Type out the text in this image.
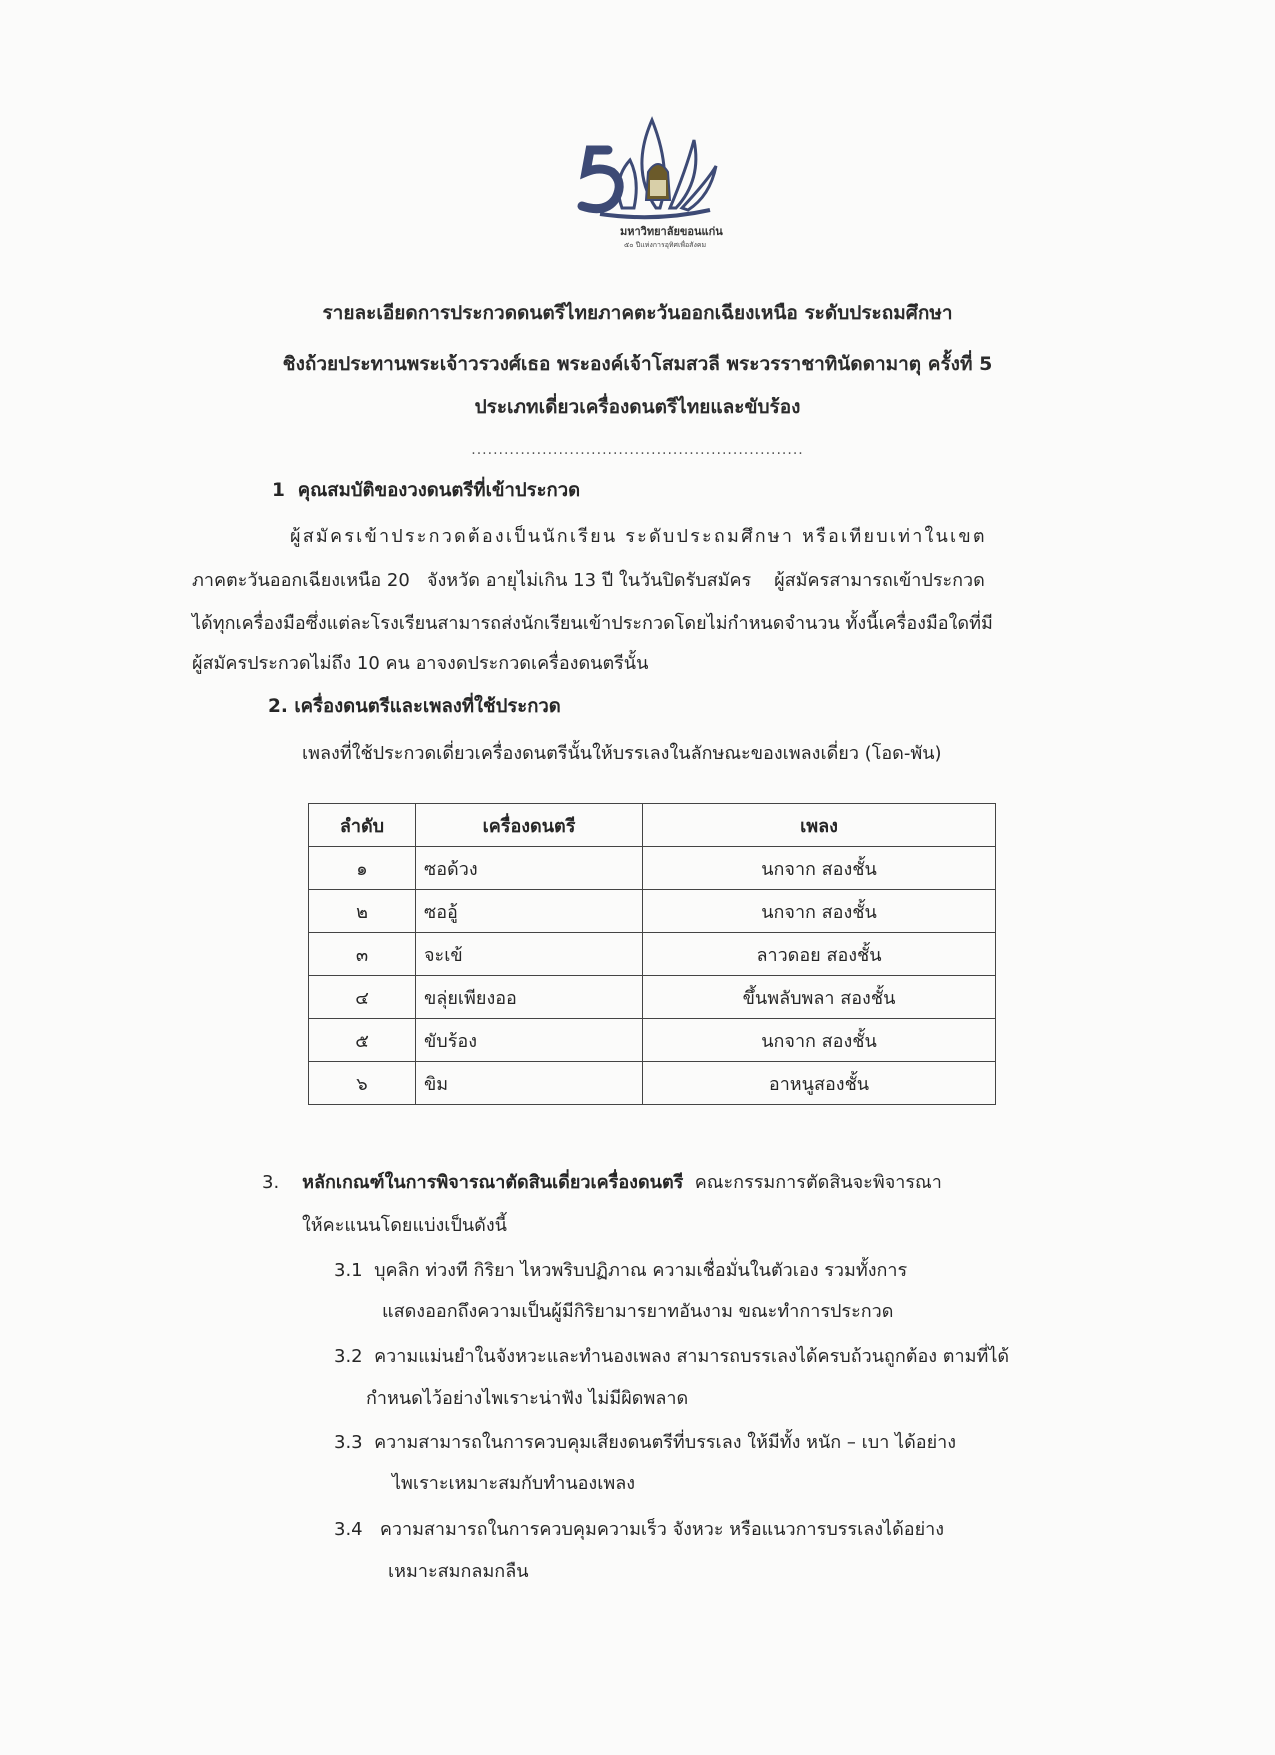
มหาวิทยาลัยขอนแก่น
๕๐ ปีแห่งการอุทิศเพื่อสังคม
รายละเอียดการประกวดดนตรีไทยภาคตะวันออกเฉียงเหนือ ระดับประถมศึกษา
ชิงถ้วยประทานพระเจ้าวรวงศ์เธอ พระองค์เจ้าโสมสวลี พระวรราชาทินัดดามาตุ ครั้งที่ 5
ประเภทเดี่ยวเครื่องดนตรีไทยและขับร้อง
.............................................................
1 คุณสมบัติของวงดนตรีที่เข้าประกวด
ผู้สมัครเข้าประกวดต้องเป็นนักเรียน ระดับประถมศึกษา หรือเทียบเท่าในเขต
ภาคตะวันออกเฉียงเหนือ 20   จังหวัด อายุไม่เกิน 13 ปี ในวันปิดรับสมัคร    ผู้สมัครสามารถเข้าประกวด
ได้ทุกเครื่องมือซึ่งแต่ละโรงเรียนสามารถส่งนักเรียนเข้าประกวดโดยไม่กำหนดจำนวน ทั้งนี้เครื่องมือใดที่มี
ผู้สมัครประกวดไม่ถึง 10 คน อาจงดประกวดเครื่องดนตรีนั้น
2. เครื่องดนตรีและเพลงที่ใช้ประกวด
เพลงที่ใช้ประกวดเดี่ยวเครื่องดนตรีนั้นให้บรรเลงในลักษณะของเพลงเดี่ยว (โอด-พัน)
ลำดับ	เครื่องดนตรี	เพลง
๑	ซอด้วง	นกจาก สองชั้น
๒	ซออู้	นกจาก สองชั้น
๓	จะเข้	ลาวดอย สองชั้น
๔	ขลุ่ยเพียงออ	ขึ้นพลับพลา สองชั้น
๕	ขับร้อง	นกจาก สองชั้น
๖	ขิม	อาหนูสองชั้น
3. หลักเกณฑ์ในการพิจารณาตัดสินเดี่ยวเครื่องดนตรี คณะกรรมการตัดสินจะพิจารณา
ให้คะแนนโดยแบ่งเป็นดังนี้
3.1 บุคลิก ท่วงที กิริยา ไหวพริบปฏิภาณ ความเชื่อมั่นในตัวเอง รวมทั้งการ
แสดงออกถึงความเป็นผู้มีกิริยามารยาทอันงาม ขณะทำการประกวด
3.2 ความแม่นยำในจังหวะและทำนองเพลง สามารถบรรเลงได้ครบถ้วนถูกต้อง ตามที่ได้
กำหนดไว้อย่างไพเราะน่าฟัง ไม่มีผิดพลาด
3.3 ความสามารถในการควบคุมเสียงดนตรีที่บรรเลง ให้มีทั้ง หนัก – เบา ได้อย่าง
ไพเราะเหมาะสมกับทำนองเพลง
3.4 ความสามารถในการควบคุมความเร็ว จังหวะ หรือแนวการบรรเลงได้อย่าง
เหมาะสมกลมกลืน
